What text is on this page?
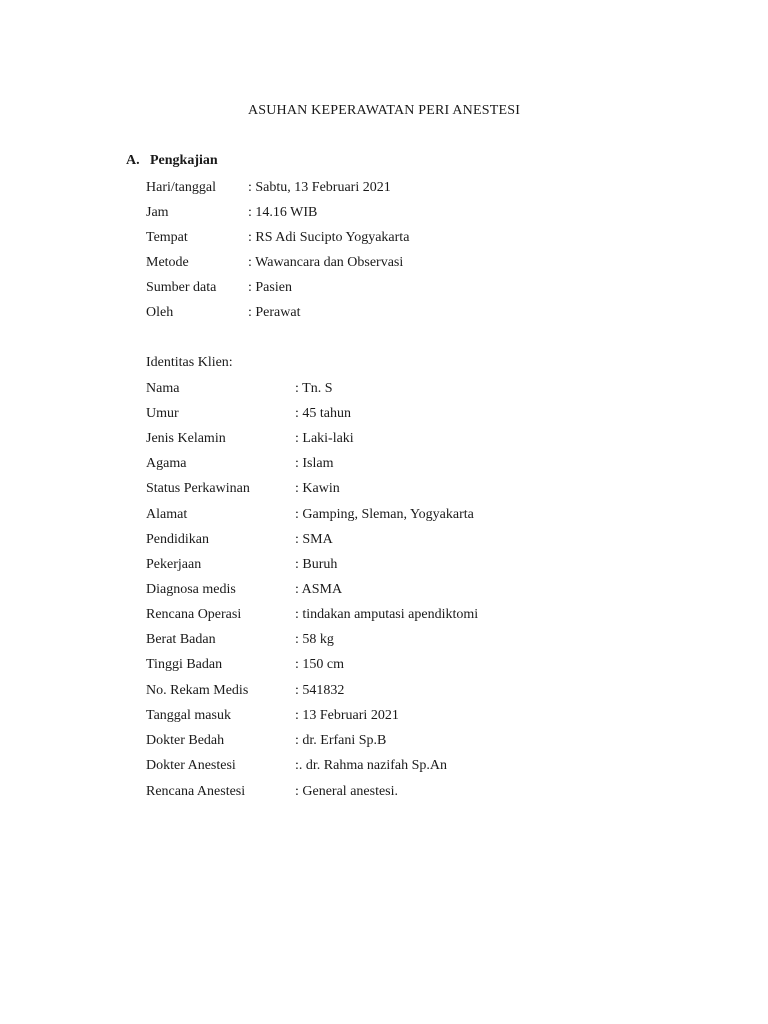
ASUHAN KEPERAWATAN PERI ANESTESI
A. Pengkajian
Hari/tanggal : Sabtu, 13 Februari 2021
Jam	: 14.16 WIB
Tempat	: RS Adi Sucipto Yogyakarta
Metode	: Wawancara dan Observasi
Sumber data : Pasien
Oleh	: Perawat
Identitas Klien:
Nama	: Tn. S
Umur	: 45 tahun
Jenis Kelamin	: Laki-laki
Agama	: Islam
Status Perkawinan	: Kawin
Alamat	: Gamping, Sleman, Yogyakarta
Pendidikan	: SMA
Pekerjaan	: Buruh
Diagnosa medis	: ASMA
Rencana Operasi	: tindakan amputasi apendiktomi
Berat Badan	: 58 kg
Tinggi Badan	: 150 cm
No. Rekam Medis	: 541832
Tanggal masuk	: 13 Februari 2021
Dokter Bedah	: dr. Erfani Sp.B
Dokter Anestesi	:. dr. Rahma nazifah Sp.An
Rencana Anestesi	: General anestesi.
